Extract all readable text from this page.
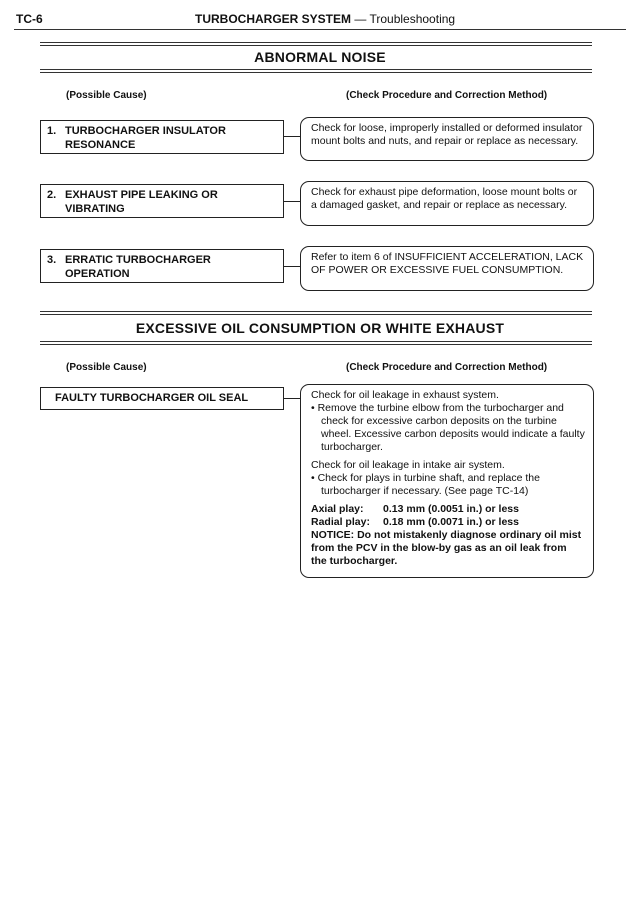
TC-6	TURBOCHARGER SYSTEM — Troubleshooting
ABNORMAL NOISE
(Possible Cause)	(Check Procedure and Correction Method)
1. TURBOCHARGER INSULATOR RESONANCE

Check for loose, improperly installed or deformed insulator mount bolts and nuts, and repair or replace as necessary.

2. EXHAUST PIPE LEAKING OR VIBRATING

Check for exhaust pipe deformation, loose mount bolts or a damaged gasket, and repair or replace as necessary.

3. ERRATIC TURBOCHARGER OPERATION

Refer to item 6 of INSUFFICIENT ACCELERATION, LACK OF POWER OR EXCESSIVE FUEL CONSUMPTION.

EXCESSIVE OIL CONSUMPTION OR WHITE EXHAUST
(Possible Cause)	(Check Procedure and Correction Method)
FAULTY TURBOCHARGER OIL SEAL	Check for oil leakage in exhaust system.

• Remove the turbine elbow from the turbocharger and check for excessive carbon deposits on the turbine wheel. Excessive carbon deposits would indicate a faulty turbocharger.

Check for oil leakage in intake air system.

• Check for plays in turbine shaft, and replace the turbocharger if necessary. (See page TC-14)

Axial play:	0.13 mm (0.0051 in.) or less
Radial play:	0.18 mm (0.0071 in.) or less

NOTICE: Do not mistakenly diagnose ordinary oil mist from the PCV in the blow-by gas as an oil leak from the turbocharger.
